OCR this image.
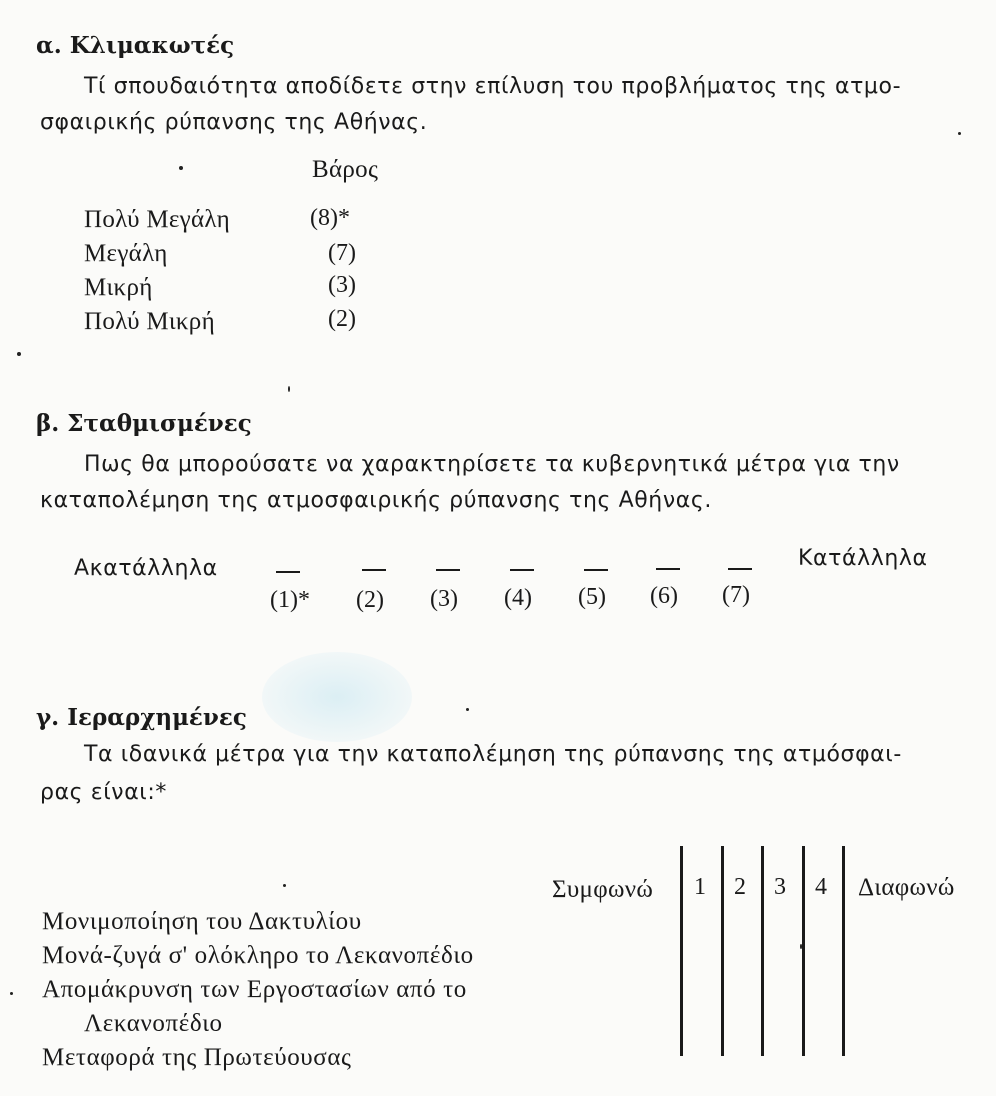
α. Κλιμακωτές
Τί σπουδαιότητα αποδίδετε στην επίλυση του προβλήματος της ατμο-
σφαιρικής ρύπανσης της Αθήνας.
Βάρος
Πολύ Μεγάλη	(8)*
Μεγάλη	(7)
Μικρή	(3)
Πολύ Μικρή	(2)
β. Σταθμισμένες
Πως θα μπορούσατε να χαρακτηρίσετε τα κυβερνητικά μέτρα για την
καταπολέμηση της ατμοσφαιρικής ρύπανσης της Αθήνας.
Ακατάλληλα	Κατάλληλα
(1)* (2) (3) (4) (5) (6) (7)
γ. Ιεραρχημένες
Τα ιδανικά μέτρα για την καταπολέμηση της ρύπανσης της ατμόσφαι-
ρας είναι:*
Συμφωνώ	Διαφωνώ
1 2 3 4
Μονιμοποίηση του Δακτυλίου
Μονά-ζυγά σ' ολόκληρο το Λεκανοπέδιο
Απομάκρυνση των Εργοστασίων από το
Λεκανοπέδιο
Μεταφορά της Πρωτεύουσας
